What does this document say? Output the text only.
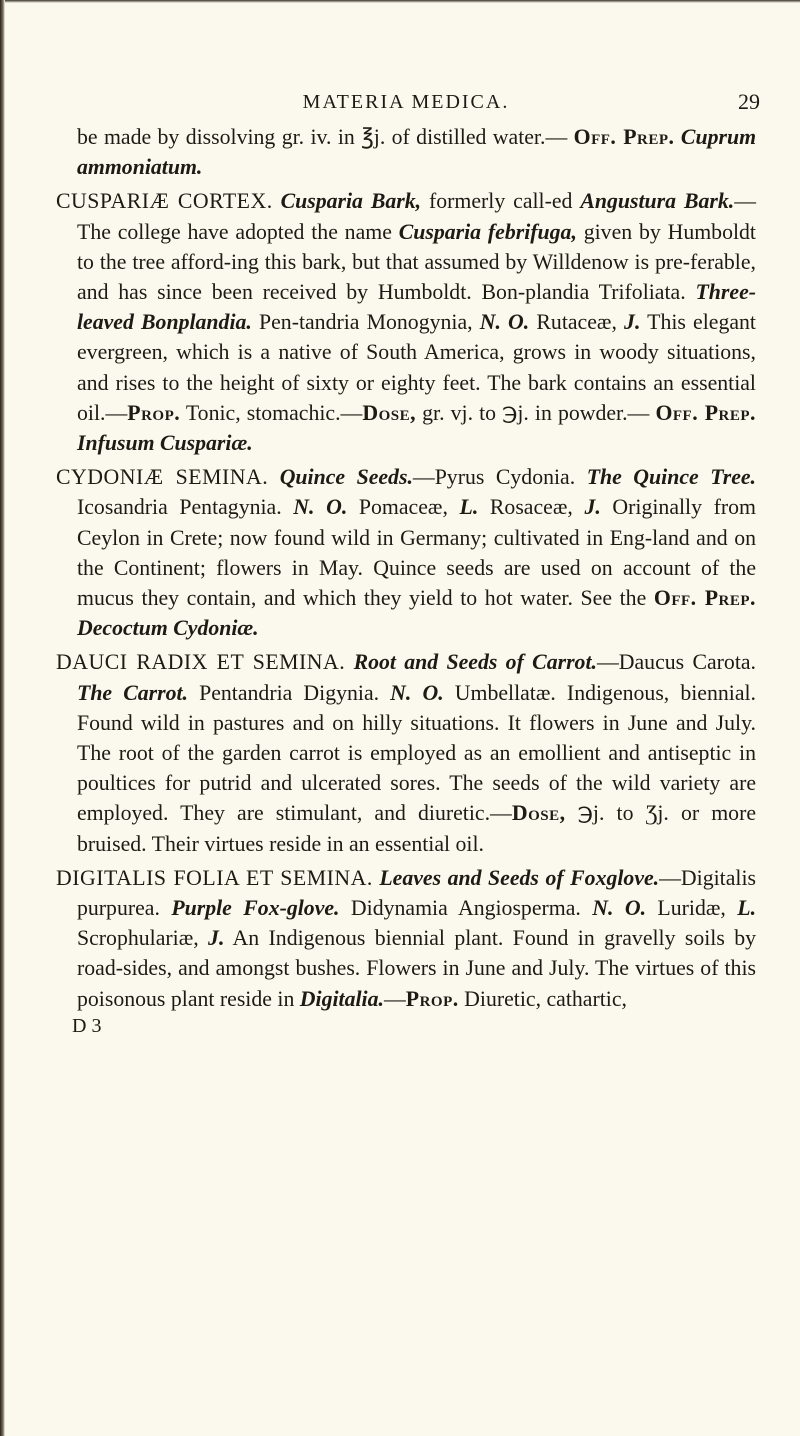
MATERIA MEDICA.	29

be made by dissolving gr. iv. in ℥j. of distilled water.— Off. Prep. Cuprum ammoniatum.

CUSPARIÆ CORTEX. Cusparia Bark, formerly call-ed Angustura Bark.—The college have adopted the name Cusparia febrifuga, given by Humboldt to the tree afford-ing this bark, but that assumed by Willdenow is pre-ferable, and has since been received by Humboldt. Bon-plandia Trifoliata. Three-leaved Bonplandia. Pen-tandria Monogynia, N. O. Rutaceæ, J. This elegant evergreen, which is a native of South America, grows in woody situations, and rises to the height of sixty or eighty feet. The bark contains an essential oil.—Prop. Tonic, stomachic.—Dose, gr. vj. to ℈j. in powder.— Off. Prep. Infusum Cuspariæ.

CYDONIÆ SEMINA. Quince Seeds.—Pyrus Cydonia. The Quince Tree. Icosandria Pentagynia. N. O. Pomaceæ, L. Rosaceæ, J. Originally from Ceylon in Crete; now found wild in Germany; cultivated in Eng-land and on the Continent; flowers in May. Quince seeds are used on account of the mucus they contain, and which they yield to hot water. See the Off. Prep. Decoctum Cydoniæ.

DAUCI RADIX ET SEMINA. Root and Seeds of Carrot.—Daucus Carota. The Carrot. Pentandria Digynia. N. O. Umbellatæ. Indigenous, biennial. Found wild in pastures and on hilly situations. It flowers in June and July. The root of the garden carrot is employed as an emollient and antiseptic in poultices for putrid and ulcerated sores. The seeds of the wild variety are employed. They are stimulant, and diuretic.—Dose, ℈j. to Ʒj. or more bruised. Their virtues reside in an essential oil.

DIGITALIS FOLIA ET SEMINA. Leaves and Seeds of Foxglove.—Digitalis purpurea. Purple Fox-glove. Didynamia Angiosperma. N. O. Luridæ, L. Scrophulariæ, J. An Indigenous biennial plant. Found in gravelly soils by road-sides, and amongst bushes. Flowers in June and July. The virtues of this poisonous plant reside in Digitalia.—Prop. Diuretic, cathartic,

D 3
